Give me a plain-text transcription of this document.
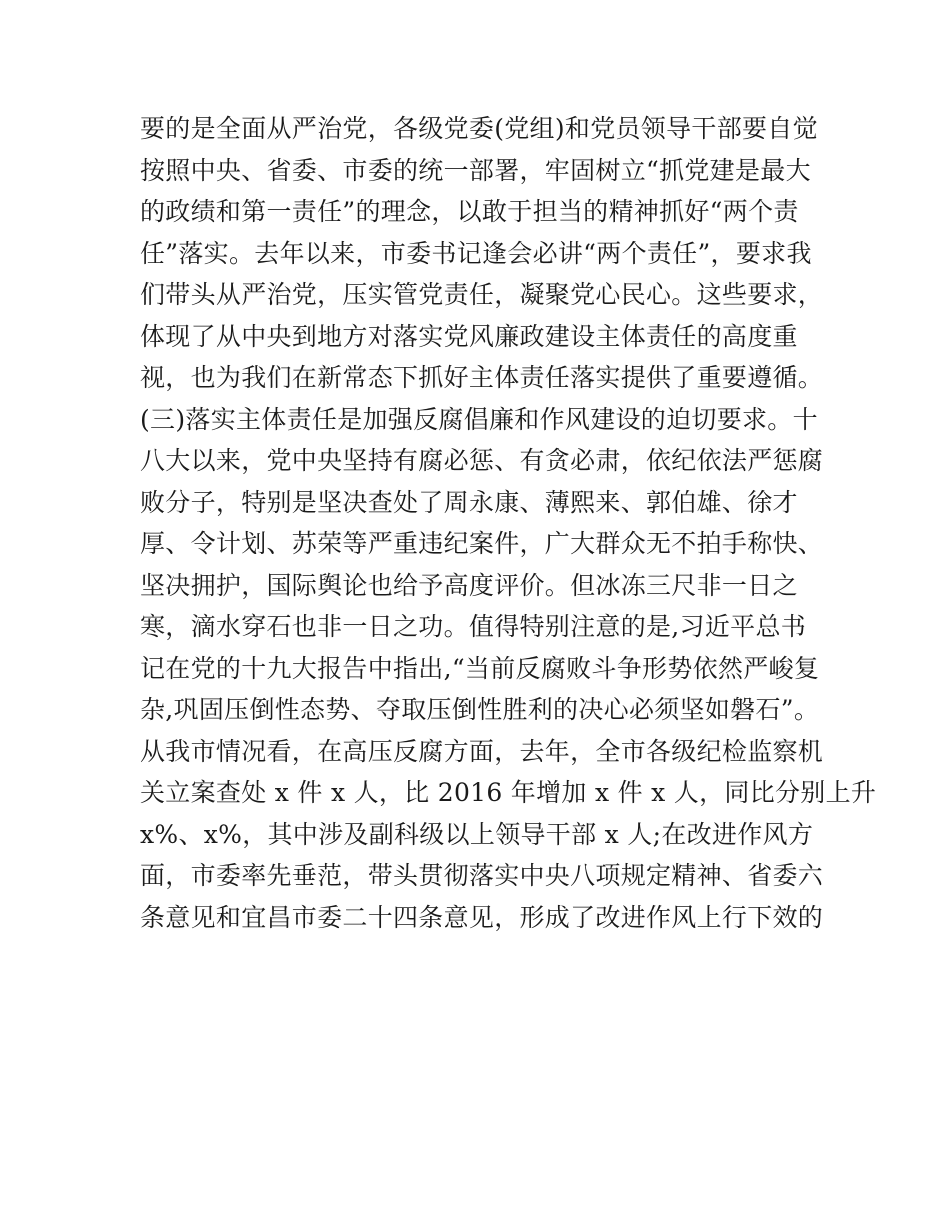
要的是全面从严治党，各级党委(党组)和党员领导干部要自觉

按照中央、省委、市委的统一部署，牢固树立“抓党建是最大

的政绩和第一责任”的理念，以敢于担当的精神抓好“两个责

任”落实。去年以来，市委书记逢会必讲“两个责任”，要求我

们带头从严治党，压实管党责任，凝聚党心民心。这些要求，

体现了从中央到地方对落实党风廉政建设主体责任的高度重

视，也为我们在新常态下抓好主体责任落实提供了重要遵循。

(三)落实主体责任是加强反腐倡廉和作风建设的迫切要求。十

八大以来，党中央坚持有腐必惩、有贪必肃，依纪依法严惩腐

败分子，特别是坚决查处了周永康、薄熙来、郭伯雄、徐才

厚、令计划、苏荣等严重违纪案件，广大群众无不拍手称快、

坚决拥护，国际舆论也给予高度评价。但冰冻三尺非一日之

寒，滴水穿石也非一日之功。值得特别注意的是,习近平总书

记在党的十九大报告中指出,“当前反腐败斗争形势依然严峻复

杂,巩固压倒性态势、夺取压倒性胜利的决心必须坚如磐石”。

从我市情况看，在高压反腐方面，去年，全市各级纪检监察机

关立案查处 x 件 x 人，比 2016 年增加 x 件 x 人，同比分别上升

x%、x%，其中涉及副科级以上领导干部 x 人;在改进作风方

面，市委率先垂范，带头贯彻落实中央八项规定精神、省委六

条意见和宜昌市委二十四条意见，形成了改进作风上行下效的
